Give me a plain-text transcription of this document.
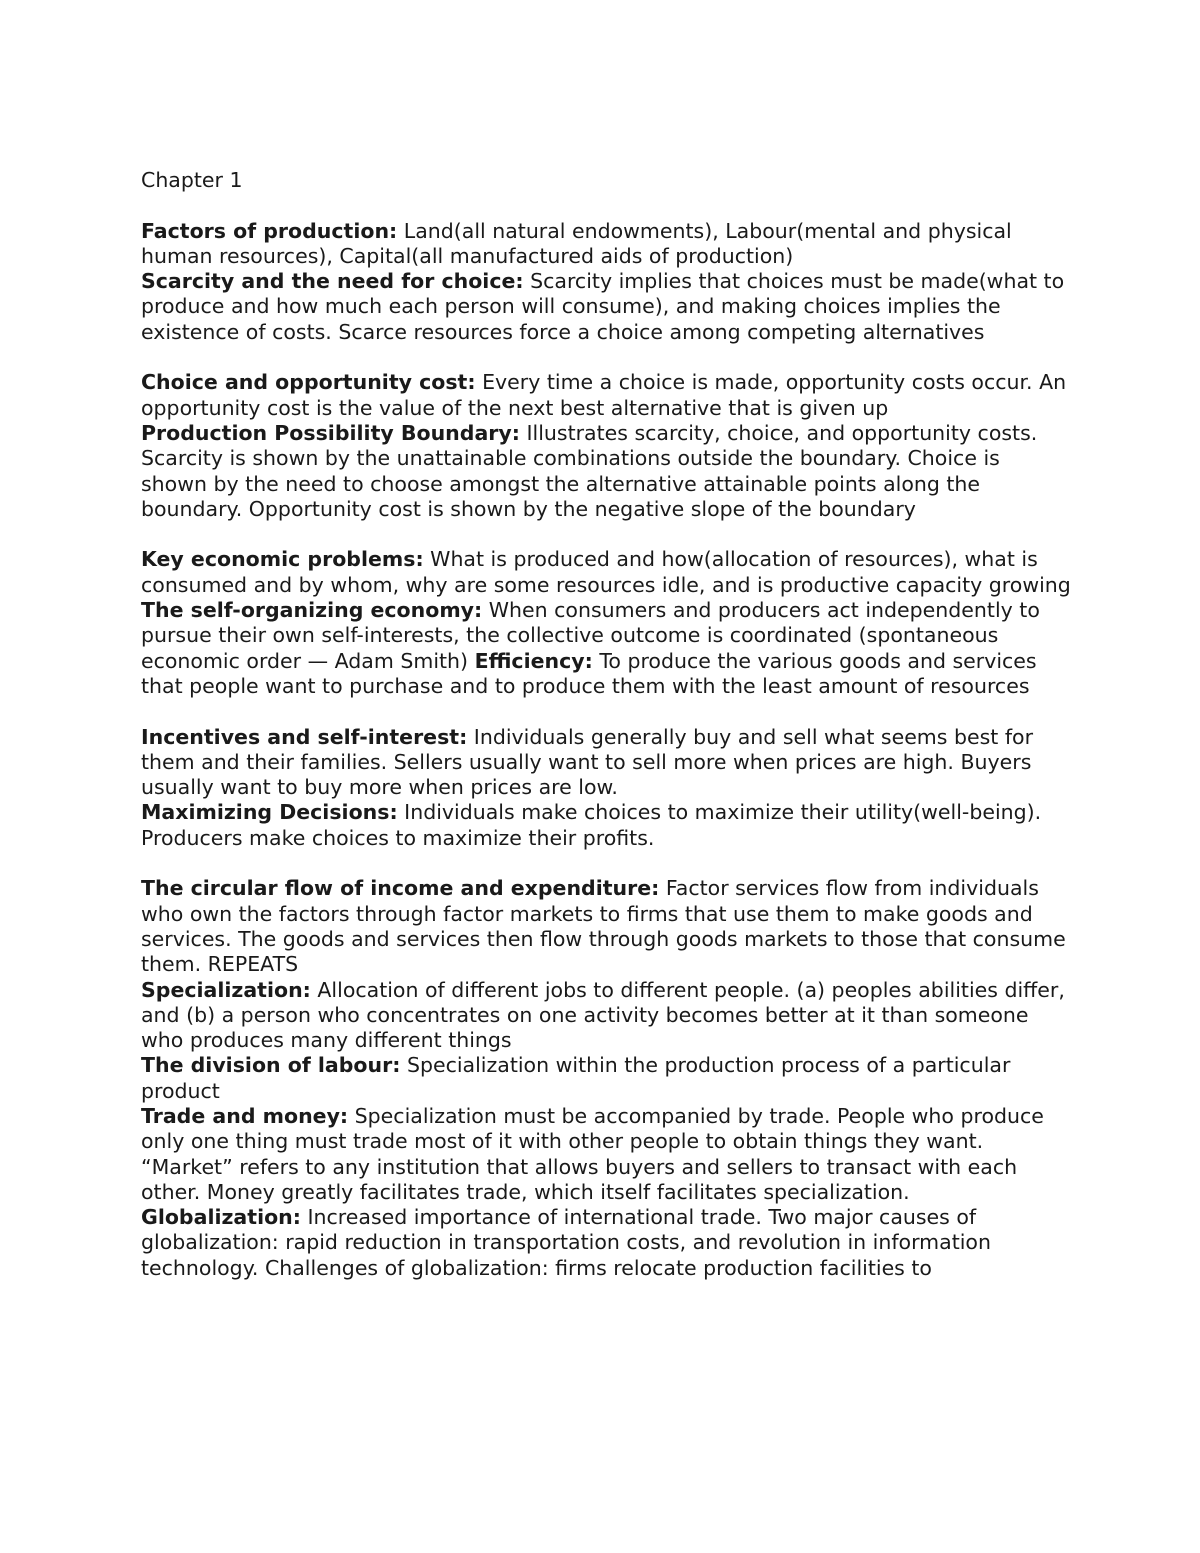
Chapter 1

Factors of production: Land(all natural endowments), Labour(mental and physical human resources), Capital(all manufactured aids of production)

Scarcity and the need for choice: Scarcity implies that choices must be made(what to produce and how much each person will consume), and making choices implies the existence of costs. Scarce resources force a choice among competing alternatives

Choice and opportunity cost: Every time a choice is made, opportunity costs occur. An opportunity cost is the value of the next best alternative that is given up

Production Possibility Boundary: Illustrates scarcity, choice, and opportunity costs. Scarcity is shown by the unattainable combinations outside the boundary. Choice is shown by the need to choose amongst the alternative attainable points along the boundary. Opportunity cost is shown by the negative slope of the boundary

Key economic problems: What is produced and how(allocation of resources), what is consumed and by whom, why are some resources idle, and is productive capacity growing

The self-organizing economy: When consumers and producers act independently to pursue their own self-interests, the collective outcome is coordinated (spontaneous economic order — Adam Smith) Efficiency: To produce the various goods and services that people want to purchase and to produce them with the least amount of resources

Incentives and self-interest: Individuals generally buy and sell what seems best for them and their families. Sellers usually want to sell more when prices are high. Buyers usually want to buy more when prices are low.

Maximizing Decisions: Individuals make choices to maximize their utility(well-being). Producers make choices to maximize their profits.

The circular flow of income and expenditure: Factor services flow from individuals who own the factors through factor markets to firms that use them to make goods and services. The goods and services then flow through goods markets to those that consume them. REPEATS

Specialization: Allocation of different jobs to different people. (a) peoples abilities differ, and (b) a person who concentrates on one activity becomes better at it than someone who produces many different things

The division of labour: Specialization within the production process of a particular product

Trade and money: Specialization must be accompanied by trade. People who produce only one thing must trade most of it with other people to obtain things they want. “Market” refers to any institution that allows buyers and sellers to transact with each other. Money greatly facilitates trade, which itself facilitates specialization.

Globalization: Increased importance of international trade. Two major causes of globalization: rapid reduction in transportation costs, and revolution in information technology. Challenges of globalization: firms relocate production facilities to
